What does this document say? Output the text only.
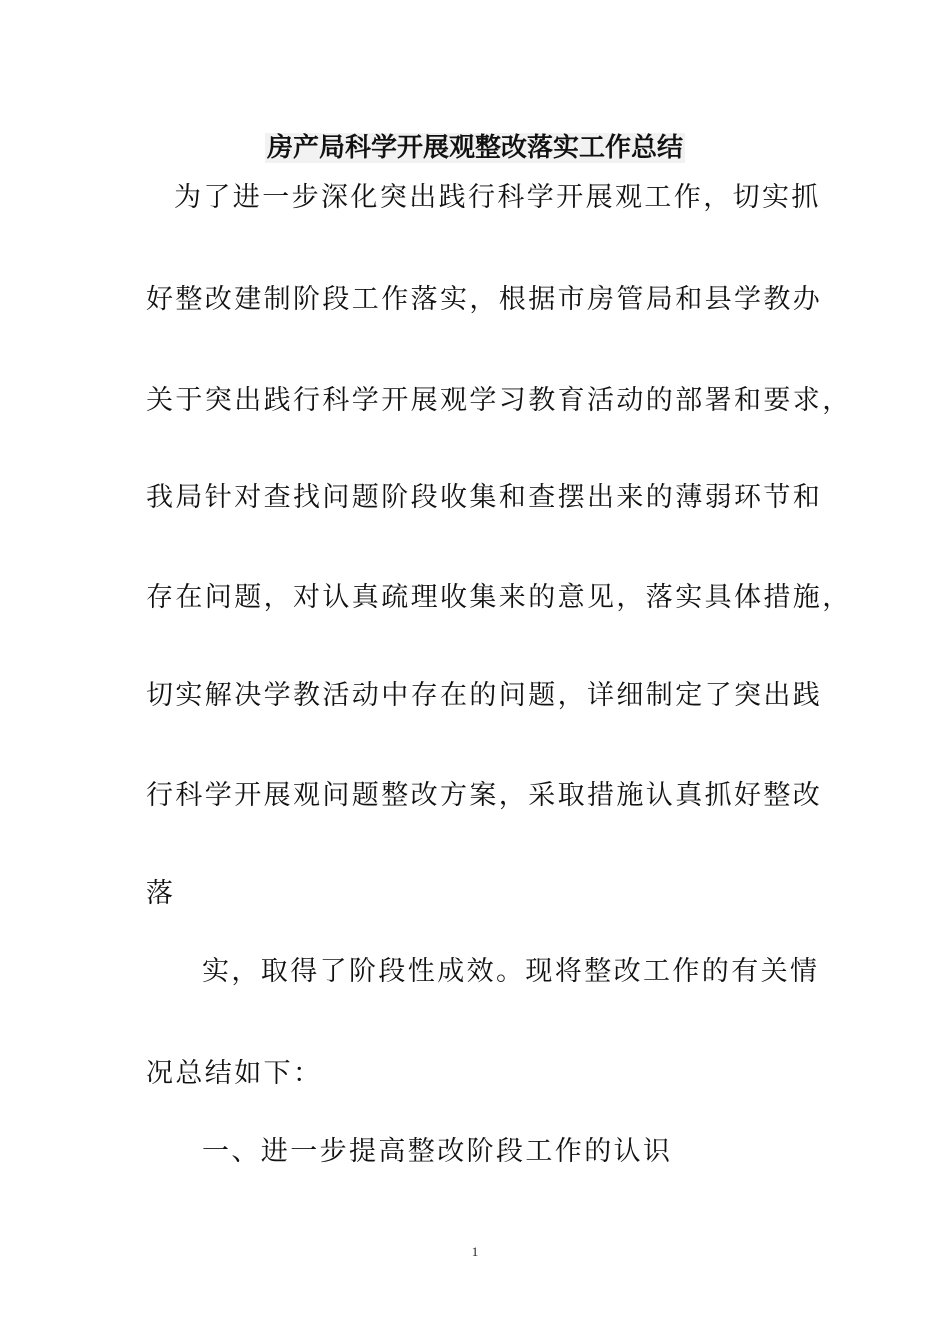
房产局科学开展观整改落实工作总结
为了进一步深化突出践行科学开展观工作，切实抓
好整改建制阶段工作落实，根据市房管局和县学教办
关于突出践行科学开展观学习教育活动的部署和要求，
我局针对查找问题阶段收集和查摆出来的薄弱环节和
存在问题，对认真疏理收集来的意见，落实具体措施，
切实解决学教活动中存在的问题，详细制定了突出践
行科学开展观问题整改方案，采取措施认真抓好整改
落
实，取得了阶段性成效。现将整改工作的有关情
况总结如下：
一、进一步提高整改阶段工作的认识
1
